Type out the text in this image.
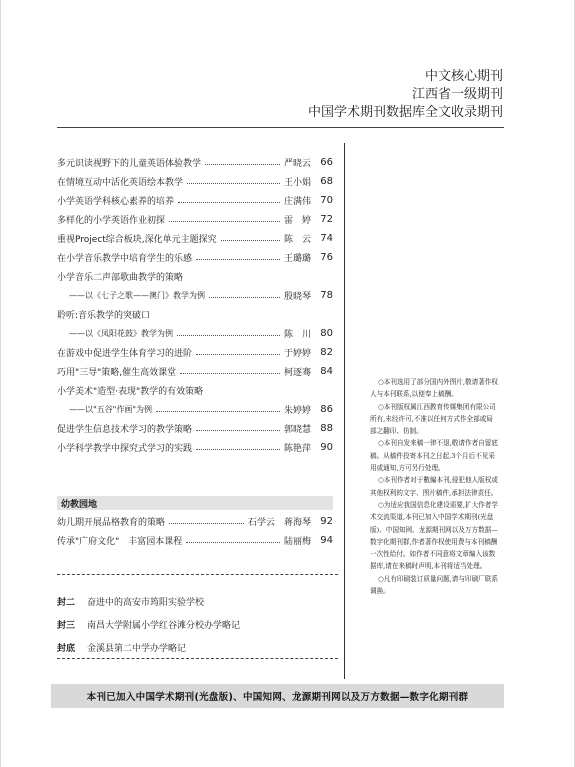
中文核心期刊
江西省一级期刊
中国学术期刊数据库全文收录期刊
多元识读视野下的儿童英语体验教学	严晓云 66
在情境互动中活化英语绘本教学	王小娟 68
小学英语学科核心素养的培养	庄满伟 70
多样化的小学英语作业初探	雷　婷 72
重视Project综合板块,深化单元主题探究	陈　云 74
在小学音乐教学中培育学生的乐感	王璐璐 76
小学音乐二声部歌曲教学的策略
——以《七子之歌——澳门》教学为例	殷晓琴 78
聆听:音乐教学的突破口
——以《凤阳花鼓》教学为例	陈　川 80
在游戏中促进学生体育学习的进阶	于婷婷 82
巧用"三导"策略,催生高效课堂	柯逐骞 84
小学美术"造型·表现"教学的有效策略
——以"五谷"作画"为例	朱婷婷 86
促进学生信息技术学习的教学策略	郭晓慧 88
小学科学教学中探究式学习的实践	陈艳萍 90
幼教园地
幼儿期开展品格教育的策略	石学云　蒋海琴 92
传承"广府文化"　丰富园本课程	陆丽梅 94
封二	奋进中的高安市筠阳实验学校
封三	南昌大学附属小学红谷滩分校办学略记
封底	金溪县第二中学办学略记

○本刊选用了部分国内外图片,敬请著作权人与本刊联系,以便奉上稿酬。

○本刊版权属江西教育传媒集团有限公司所有,未经许可,不准以任何方式作全部或局部之翻印、仿制。

○本刊自发来稿一律不退,敬请作者自留底稿。从稿件投寄本刊之日起,3个月后不见采用或通知,方可另行处理。

○本刊作者对于數編本刊,侵犯他人版权或其他权利的文字、图片稿件,承担法律责任。

○为适应我国信息化建设需要,扩大作者学术交流渠道,本刊已加入中国学术期刊(光盘版)、中国知网、龙源期刊网以及万方数据—数字化期刊群,作者著作权使用费与本刊稿酬一次性给付。如作者不同意将文章编入该数据库,请在来稿时声明,本刊将适当处理。

○凡有印刷装订质量问题,请与印刷厂联系调换。

本刊已加入中国学术期刊(光盘版)、中国知网、龙源期刊网以及万方数据—数字化期刊群
